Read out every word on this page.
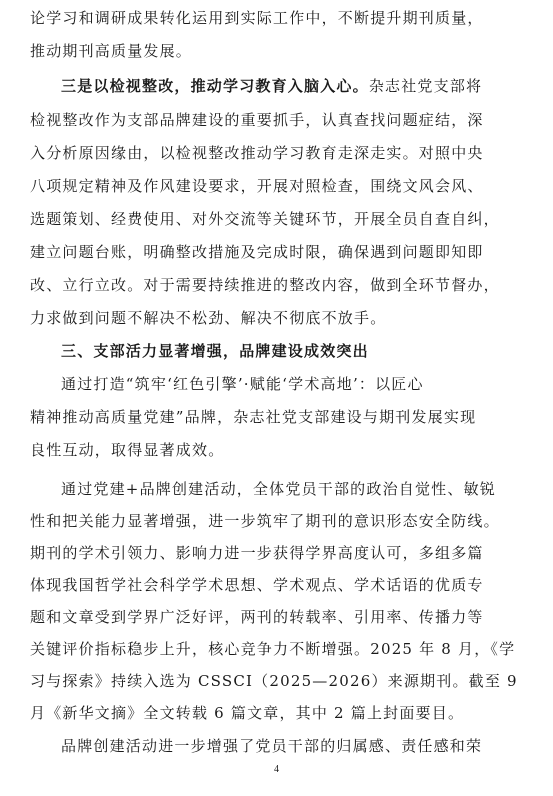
论学习和调研成果转化运用到实际工作中，不断提升期刊质量，
推动期刊高质量发展。
三是以检视整改，推动学习教育入脑入心。杂志社党支部将
检视整改作为支部品牌建设的重要抓手，认真查找问题症结，深
入分析原因缘由，以检视整改推动学习教育走深走实。对照中央
八项规定精神及作风建设要求，开展对照检查，围绕文风会风、
选题策划、经费使用、对外交流等关键环节，开展全员自查自纠，
建立问题台账，明确整改措施及完成时限，确保遇到问题即知即
改、立行立改。对于需要持续推进的整改内容，做到全环节督办，
力求做到问题不解决不松劲、解决不彻底不放手。
三、支部活力显著增强，品牌建设成效突出
通过打造“筑牢‘红色引擎’·赋能‘学术高地’：以匠心
精神推动高质量党建”品牌，杂志社党支部建设与期刊发展实现
良性互动，取得显著成效。
通过党建+品牌创建活动，全体党员干部的政治自觉性、敏锐
性和把关能力显著增强，进一步筑牢了期刊的意识形态安全防线。
期刊的学术引领力、影响力进一步获得学界高度认可，多组多篇
体现我国哲学社会科学学术思想、学术观点、学术话语的优质专
题和文章受到学界广泛好评，两刊的转载率、引用率、传播力等
关键评价指标稳步上升，核心竞争力不断增强。2025 年 8 月，《学
习与探索》持续入选为 CSSCI（2025—2026）来源期刊。截至 9
月《新华文摘》全文转载 6 篇文章，其中 2 篇上封面要目。
品牌创建活动进一步增强了党员干部的归属感、责任感和荣
4
